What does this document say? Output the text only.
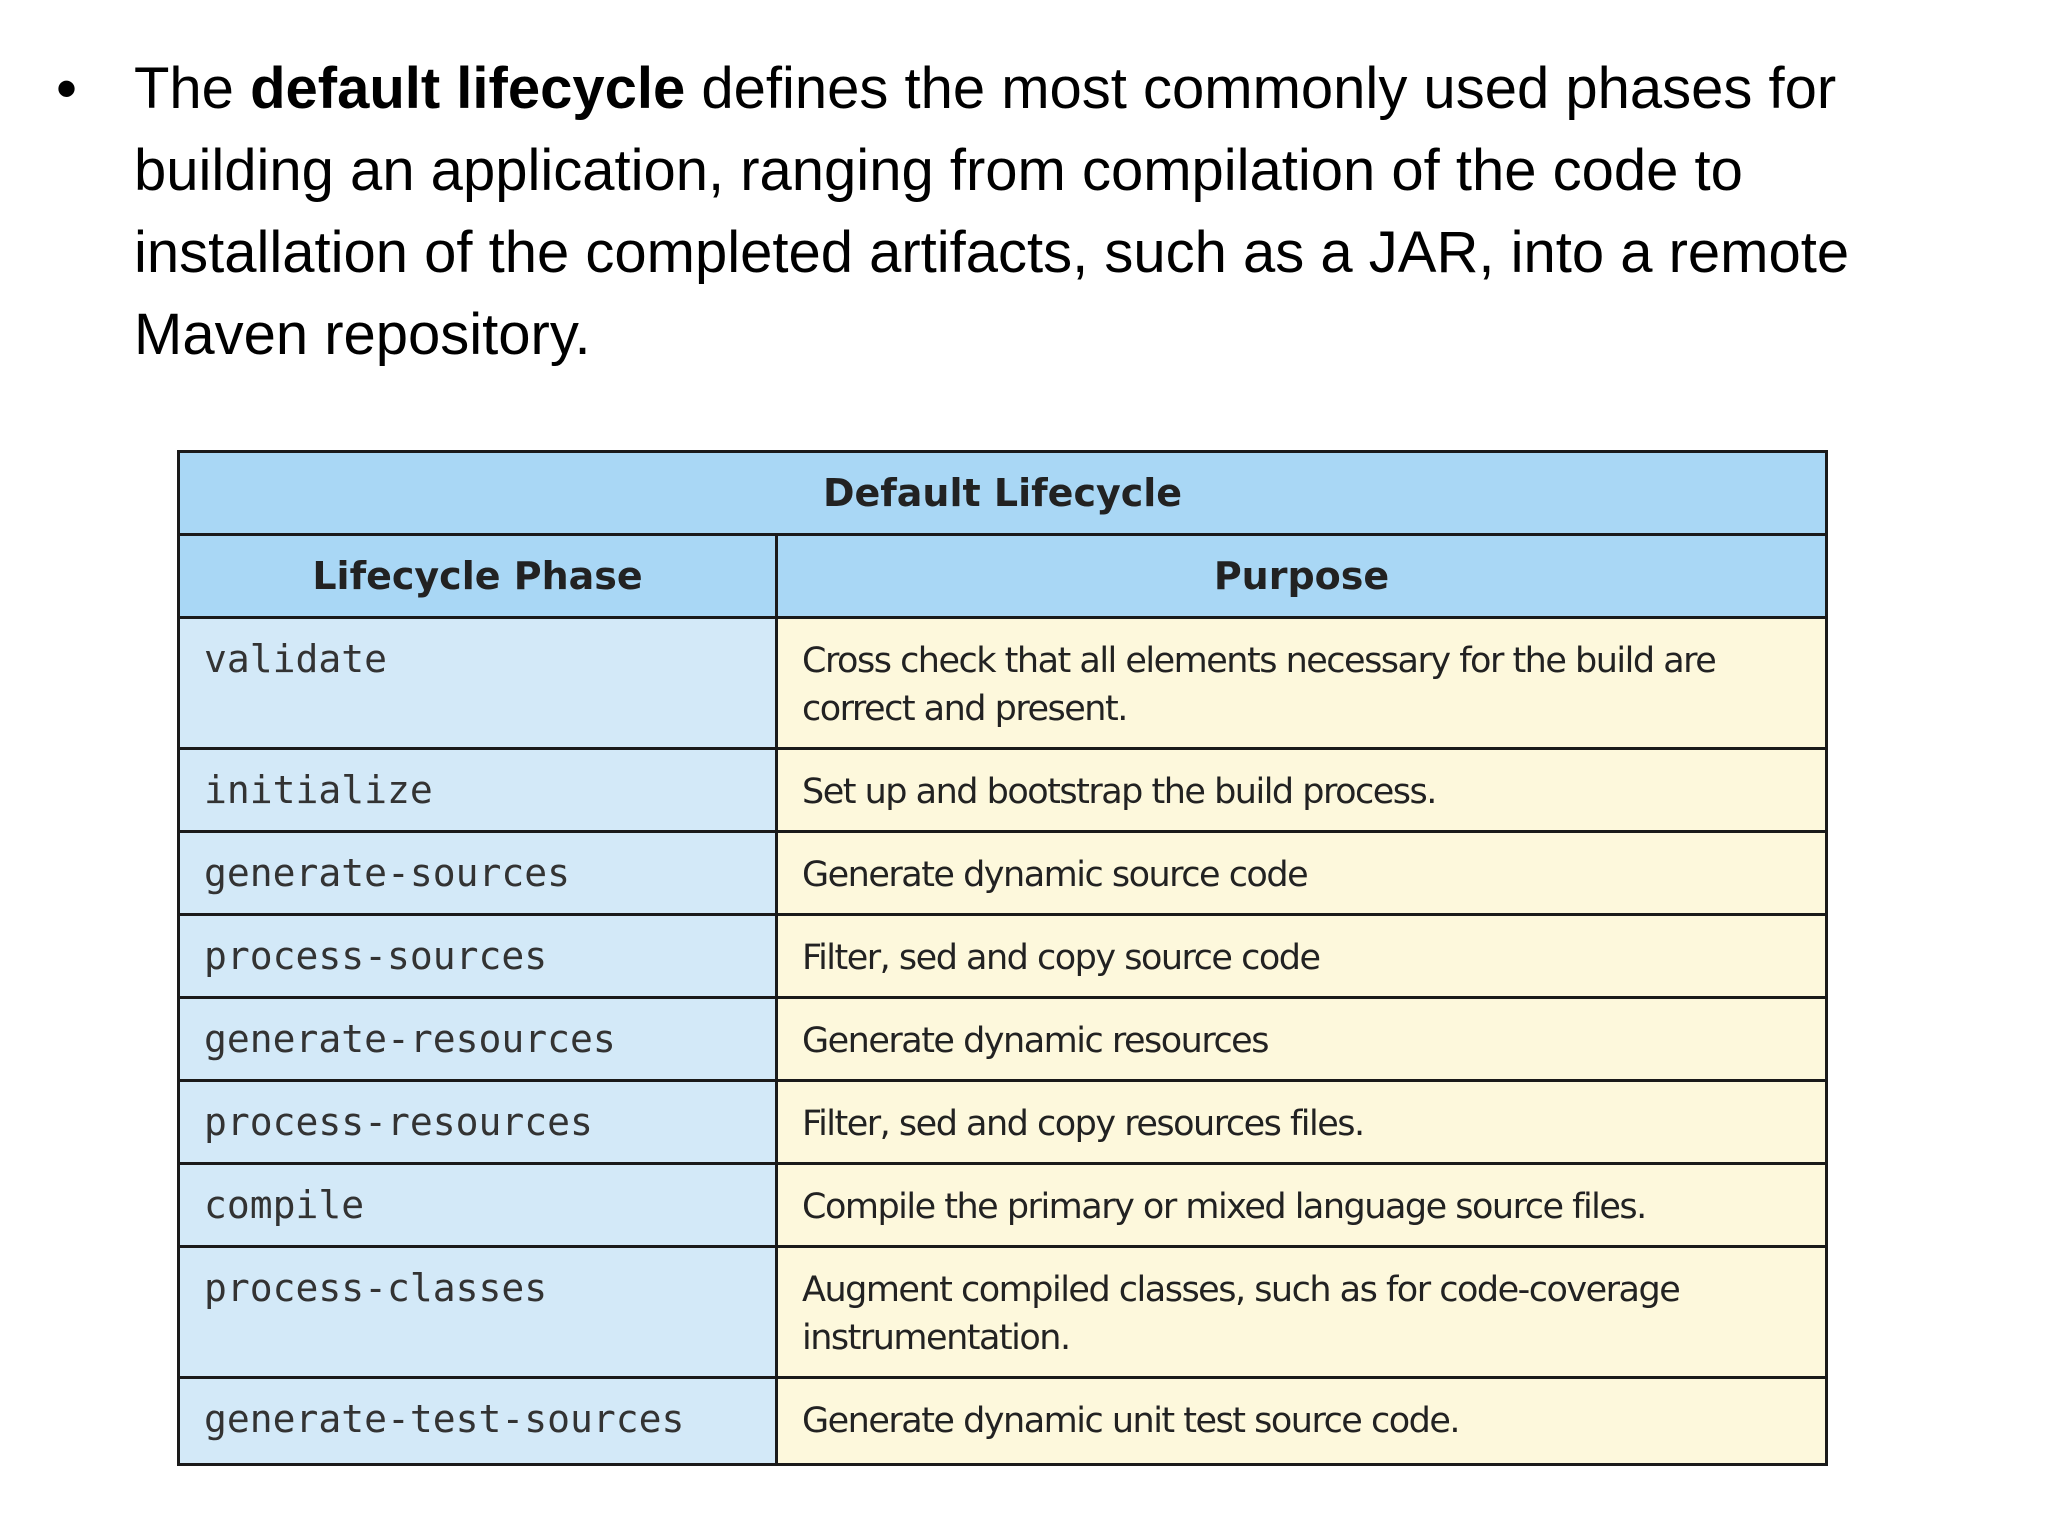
• The default lifecycle defines the most commonly used phases for building an application, ranging from compilation of the code to installation of the completed artifacts, such as a JAR, into a remote Maven repository.
Default Lifecycle	
Lifecycle Phase	Purpose
validate	Cross check that all elements necessary for the build are correct and present.
initialize	Set up and bootstrap the build process.
generate-sources	Generate dynamic source code
process-sources	Filter, sed and copy source code
generate-resources	Generate dynamic resources
process-resources	Filter, sed and copy resources files.
compile	Compile the primary or mixed language source files.
process-classes	Augment compiled classes, such as for code-coverage instrumentation.
generate-test-sources	Generate dynamic unit test source code.
